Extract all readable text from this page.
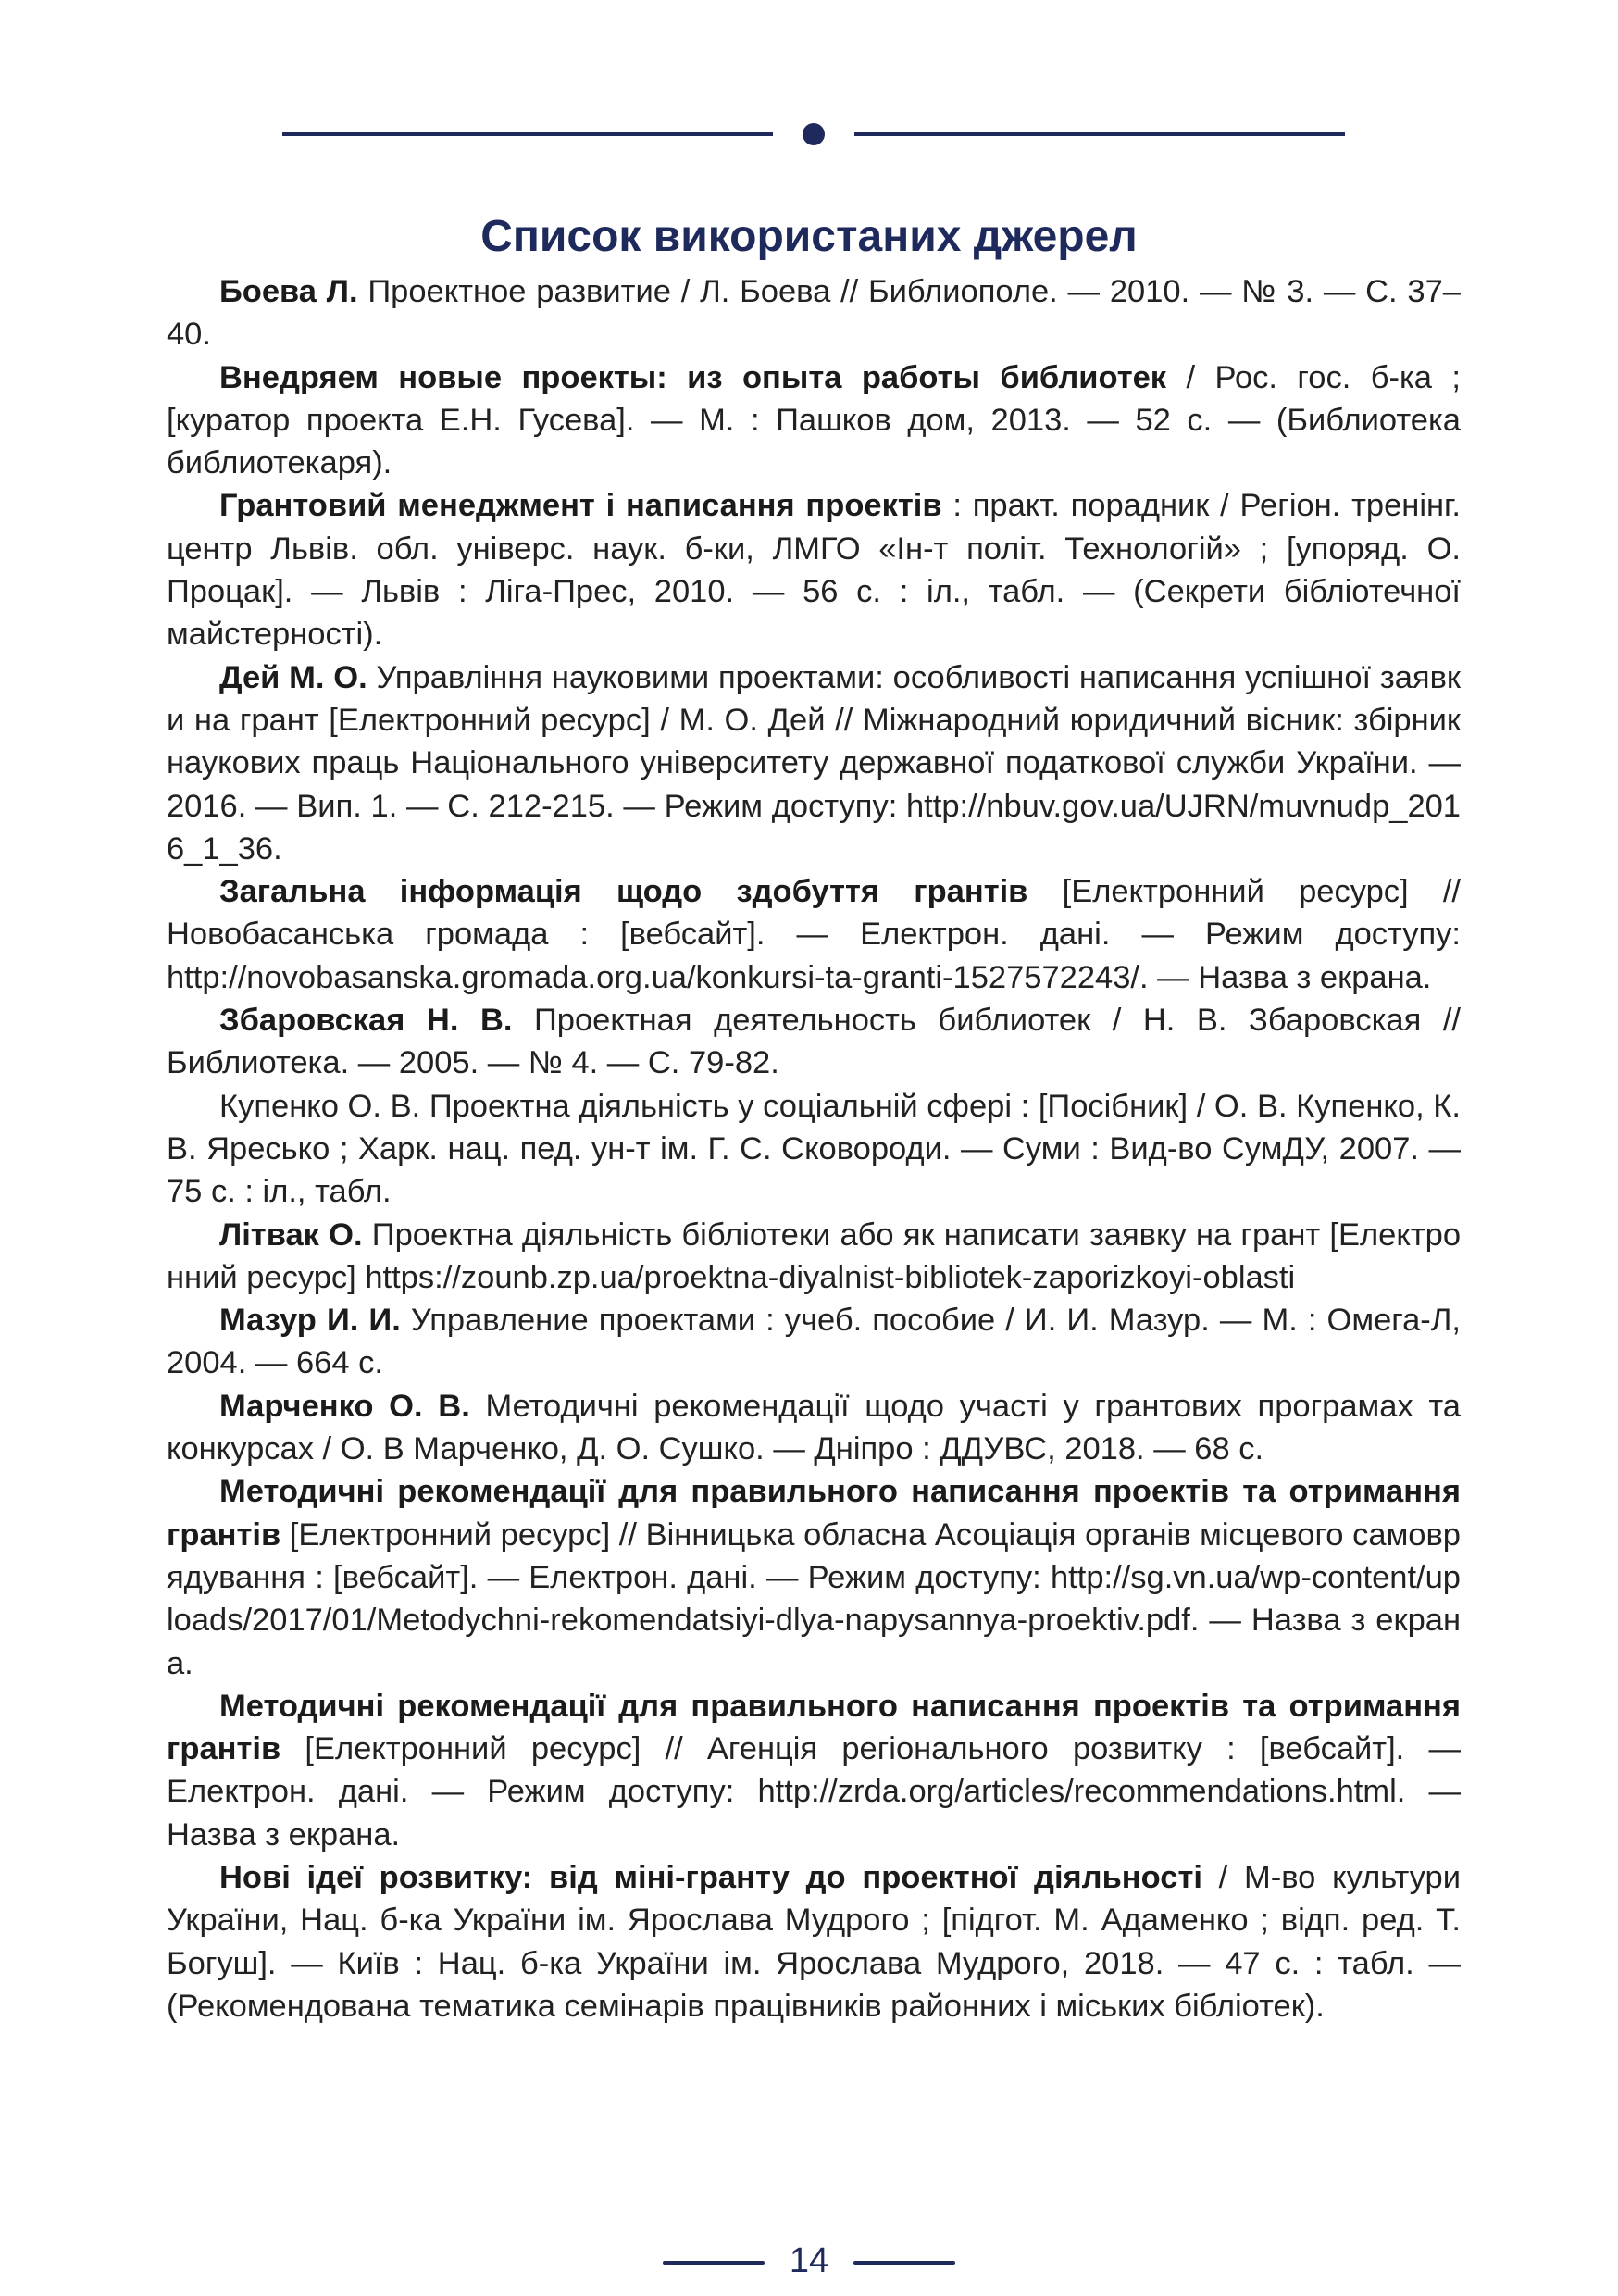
Список використаних джерел

Боева Л. Проектное развитие / Л. Боева // Библиополе. — 2010. — № 3. — С. 37–40.

Внедряем новые проекты: из опыта работы библиотек / Рос. гос. б-ка ; [куратор проекта Е.Н. Гусева]. — М. : Пашков дом, 2013. — 52 с. — (Библиотека библиотекаря).

Грантовий менеджмент і написання проектів : практ. порадник / Регіон. тренінг. центр Львів. обл. універс. наук. б-ки, ЛМГО «Ін-т політ. Технологій» ; [упоряд. О. Процак]. — Львів : Ліга-Прес, 2010. — 56 с. : іл., табл. — (Секрети бібліотечної майстерності).

Дей М. О. Управління науковими проектами: особливості написання успішної заявки на грант [Електронний ресурс] / М. О. Дей // Міжнародний юридичний вісник: збірник наукових праць Національного університету державної податкової служби України. — 2016. — Вип. 1. — С. 212-215. — Режим доступу: http://nbuv.gov.ua/UJRN/muvnudp_2016_1_36.

Загальна інформація щодо здобуття грантів [Електронний ресурс] // Новобасанська громада : [вебсайт]. — Електрон. дані. — Режим доступу: http://novobasanska.gromada.org.ua/konkursi-ta-granti-1527572243/. — Назва з екрана.

Збаровская Н. В. Проектная деятельность библиотек / Н. В. Збаровская // Библиотека. — 2005. — № 4. — С. 79-82.

Купенко О. В. Проектна діяльність у соціальній сфері : [Посібник] / О. В. Купенко, К. В. Яресько ; Харк. нац. пед. ун-т ім. Г. С. Сковороди. — Суми : Вид-во СумДУ, 2007. — 75 с. : іл., табл.

Літвак О. Проектна діяльність бібліотеки або як написати заявку на грант [Електронний ресурс] https://zounb.zp.ua/proektna-diyalnist-bibliotek-zaporizkoyi-oblasti

Мазур И. И. Управление проектами : учеб. пособие / И. И. Мазур. — М. : Омега-Л, 2004. — 664 с.

Марченко О. В. Методичні рекомендації щодо участі у грантових програмах та конкурсах / О. В Марченко, Д. О. Сушко. — Дніпро : ДДУВС, 2018. — 68 с.

Методичні рекомендації для правильного написання проектів та отримання грантів [Електронний ресурс] // Вінницька обласна Асоціація органів місцевого самоврядування : [вебсайт]. — Електрон. дані. — Режим доступу: http://sg.vn.ua/wp-content/uploads/2017/01/Metodychni-rekomendatsiyi-dlya-napysannya-proektiv.pdf. — Назва з екрана.

Методичні рекомендації для правильного написання проектів та отримання грантів [Електронний ресурс] // Агенція регіонального розвитку : [вебсайт]. — Електрон. дані. — Режим доступу: http://zrda.org/articles/recommendations.html. — Назва з екрана.

Нові ідеї розвитку: від міні-гранту до проектної діяльності / М-во культури України, Нац. б-ка України ім. Ярослава Мудрого ; [підгот. М. Адаменко ; відп. ред. Т. Богуш]. — Київ : Нац. б-ка України ім. Ярослава Мудрого, 2018. — 47 с. : табл. — (Рекомендована тематика семінарів працівників районних і міських бібліотек).

14
